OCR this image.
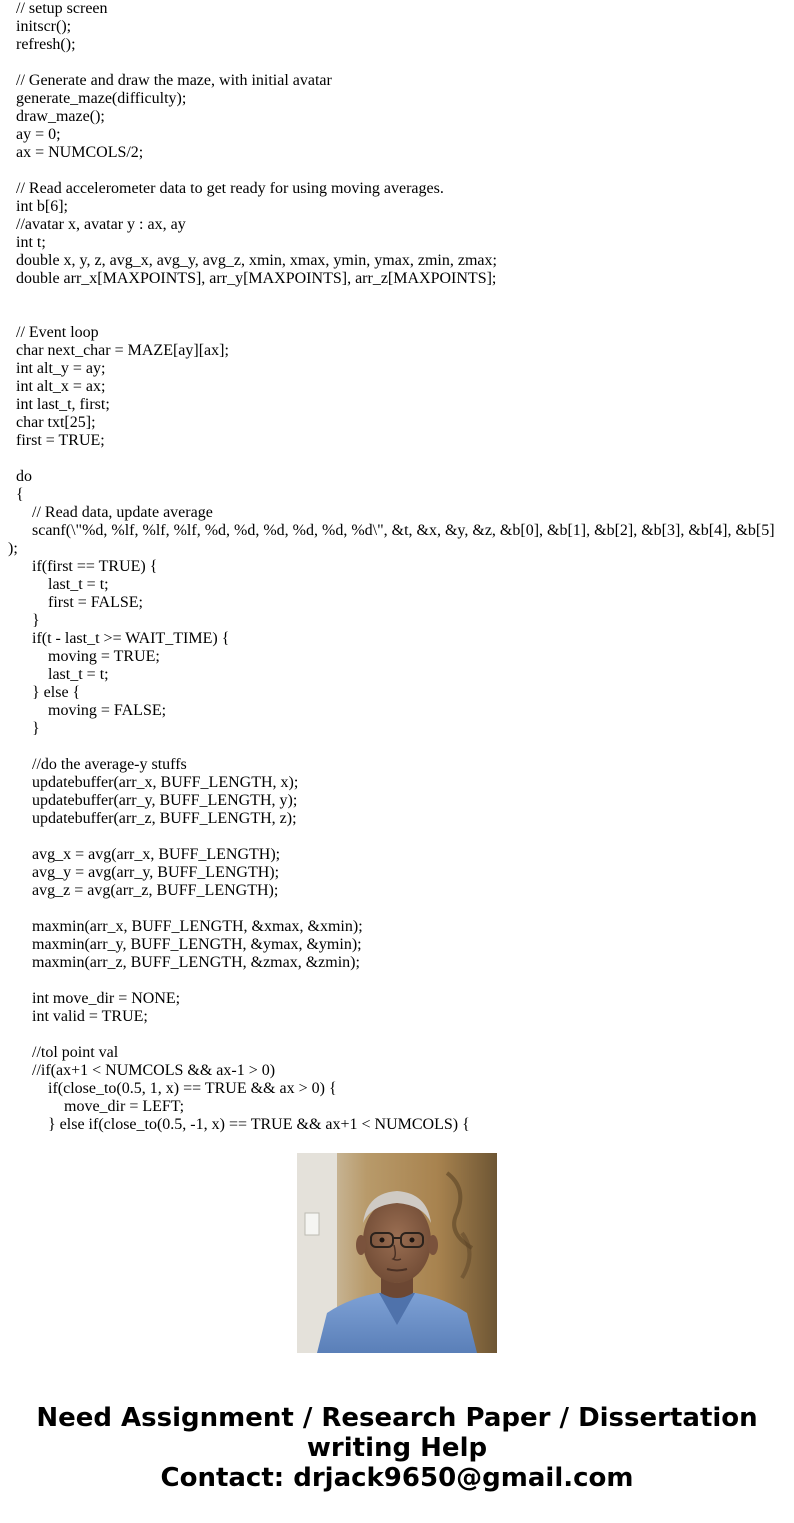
// setup screen
initscr();
refresh();
// Generate and draw the maze, with initial avatar
generate_maze(difficulty);
draw_maze();
ay = 0;
ax = NUMCOLS/2;
// Read accelerometer data to get ready for using moving averages.
int b[6];
//avatar x, avatar y : ax, ay
int t;
double x, y, z, avg_x, avg_y, avg_z, xmin, xmax, ymin, ymax, zmin, zmax;
double arr_x[MAXPOINTS], arr_y[MAXPOINTS], arr_z[MAXPOINTS];
// Event loop
char next_char = MAZE[ay][ax];
int alt_y = ay;
int alt_x = ax;
int last_t, first;
char txt[25];
first = TRUE;
do
{
// Read data, update average
scanf(\"%d, %lf, %lf, %lf, %d, %d, %d, %d, %d, %d\", &t, &x, &y, &z, &b[0], &b[1], &b[2], &b[3], &b[4], &b[5]
);
if(first == TRUE) {
last_t = t;
first = FALSE;
}
if(t - last_t >= WAIT_TIME) {
moving = TRUE;
last_t = t;
} else {
moving = FALSE;
}
//do the average-y stuffs
updatebuffer(arr_x, BUFF_LENGTH, x);
updatebuffer(arr_y, BUFF_LENGTH, y);
updatebuffer(arr_z, BUFF_LENGTH, z);
avg_x = avg(arr_x, BUFF_LENGTH);
avg_y = avg(arr_y, BUFF_LENGTH);
avg_z = avg(arr_z, BUFF_LENGTH);
maxmin(arr_x, BUFF_LENGTH, &xmax, &xmin);
maxmin(arr_y, BUFF_LENGTH, &ymax, &ymin);
maxmin(arr_z, BUFF_LENGTH, &zmax, &zmin);
int move_dir = NONE;
int valid = TRUE;
//tol point val
//if(ax+1 < NUMCOLS && ax-1 > 0)
if(close_to(0.5, 1, x) == TRUE && ax > 0) {
move_dir = LEFT;
} else if(close_to(0.5, -1, x) == TRUE && ax+1 < NUMCOLS) {
Need Assignment / Research Paper / Dissertation
writing Help
Contact: drjack9650@gmail.com
